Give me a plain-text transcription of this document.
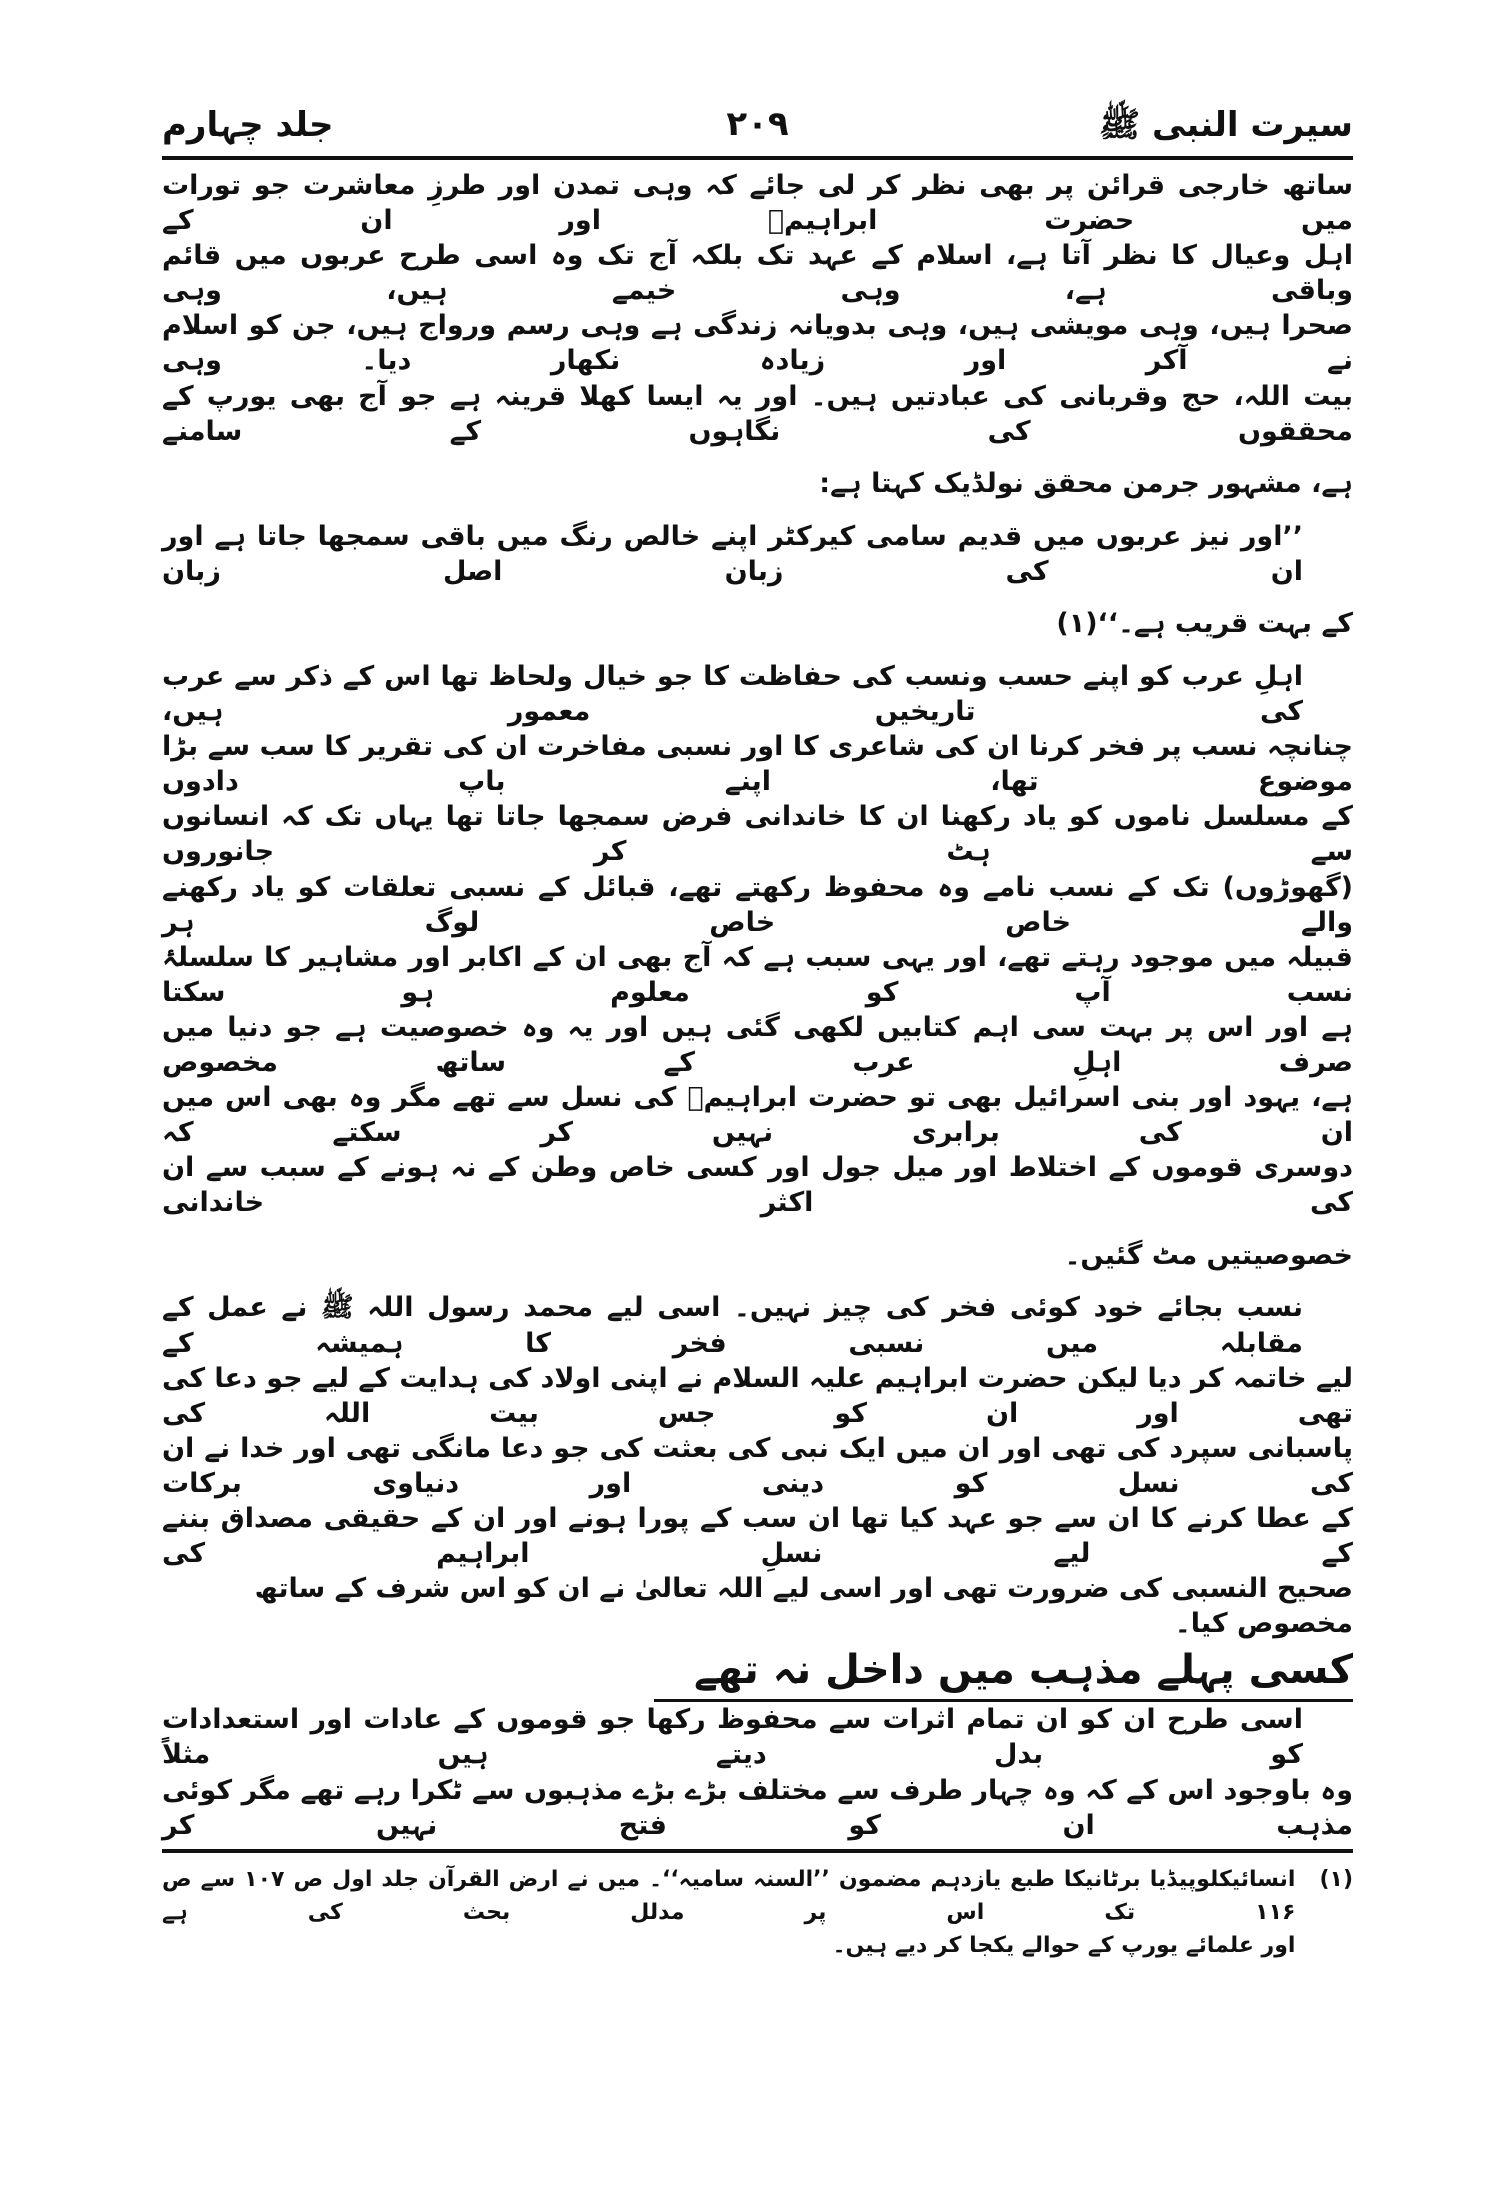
سیرت النبی ﷺ
۲۰۹
جلد چہارم
ساتھ خارجی قرائن پر بھی نظر کر لی جائے کہ وہی تمدن اور طرزِ معاشرت جو تورات میں حضرت ابراہیمؑ اور ان کے
اہل وعیال کا نظر آتا ہے، اسلام کے عہد تک بلکہ آج تک وہ اسی طرح عربوں میں قائم وباقی ہے، وہی خیمے ہیں، وہی
صحرا ہیں، وہی مویشی ہیں، وہی بدویانہ زندگی ہے وہی رسم ورواج ہیں، جن کو اسلام نے آکر اور زیادہ نکھار دیا۔ وہی
بیت اللہ، حج وقربانی کی عبادتیں ہیں۔ اور یہ ایسا کھلا قرینہ ہے جو آج بھی یورپ کے محققوں کی نگاہوں کے سامنے
ہے، مشہور جرمن محقق نولڈیک کہتا ہے:
’’اور نیز عربوں میں قدیم سامی کیرکٹر اپنے خالص رنگ میں باقی سمجھا جاتا ہے اور ان کی زبان اصل زبان
کے بہت قریب ہے۔‘‘(۱)
اہلِ عرب کو اپنے حسب ونسب کی حفاظت کا جو خیال ولحاظ تھا اس کے ذکر سے عرب کی تاریخیں معمور ہیں،
چنانچہ نسب پر فخر کرنا ان کی شاعری کا اور نسبی مفاخرت ان کی تقریر کا سب سے بڑا موضوع تھا، اپنے باپ دادوں
کے مسلسل ناموں کو یاد رکھنا ان کا خاندانی فرض سمجھا جاتا تھا یہاں تک کہ انسانوں سے ہٹ کر جانوروں
(گھوڑوں) تک کے نسب نامے وہ محفوظ رکھتے تھے، قبائل کے نسبی تعلقات کو یاد رکھنے والے خاص خاص لوگ ہر
قبیلہ میں موجود رہتے تھے، اور یہی سبب ہے کہ آج بھی ان کے اکابر اور مشاہیر کا سلسلۂ نسب آپ کو معلوم ہو سکتا
ہے اور اس پر بہت سی اہم کتابیں لکھی گئی ہیں اور یہ وہ خصوصیت ہے جو دنیا میں صرف اہلِ عرب کے ساتھ مخصوص
ہے، یہود اور بنی اسرائیل بھی تو حضرت ابراہیمؑ کی نسل سے تھے مگر وہ بھی اس میں ان کی برابری نہیں کر سکتے کہ
دوسری قوموں کے اختلاط اور میل جول اور کسی خاص وطن کے نہ ہونے کے سبب سے ان کی اکثر خاندانی
خصوصیتیں مٹ گئیں۔
نسب بجائے خود کوئی فخر کی چیز نہیں۔ اسی لیے محمد رسول اللہ ﷺ نے عمل کے مقابلہ میں نسبی فخر کا ہمیشہ کے
لیے خاتمہ کر دیا لیکن حضرت ابراہیم علیہ السلام نے اپنی اولاد کی ہدایت کے لیے جو دعا کی تھی اور ان کو جس بیت اللہ کی
پاسبانی سپرد کی تھی اور ان میں ایک نبی کی بعثت کی جو دعا مانگی تھی اور خدا نے ان کی نسل کو دینی اور دنیاوی برکات
کے عطا کرنے کا ان سے جو عہد کیا تھا ان سب کے پورا ہونے اور ان کے حقیقی مصداق بننے کے لیے نسلِ ابراہیم کی
صحیح النسبی کی ضرورت تھی اور اسی لیے اللہ تعالیٰ نے ان کو اس شرف کے ساتھ مخصوص کیا۔
کسی پہلے مذہب میں داخل نہ تھے
اسی طرح ان کو ان تمام اثرات سے محفوظ رکھا جو قوموں کے عادات اور استعدادات کو بدل دیتے ہیں مثلاً
وہ باوجود اس کے کہ وہ چہار طرف سے مختلف بڑے بڑے مذہبوں سے ٹکرا رہے تھے مگر کوئی مذہب ان کو فتح نہیں کر
(۱)
انسائیکلوپیڈیا برٹانیکا طبع یازدہم مضمون ’’السنہ سامیہ‘‘۔ میں نے ارض القرآن جلد اول ص ۱۰۷ سے ص ۱۱۶ تک اس پر مدلل بحث کی ہے
اور علمائے یورپ کے حوالے یکجا کر دیے ہیں۔
